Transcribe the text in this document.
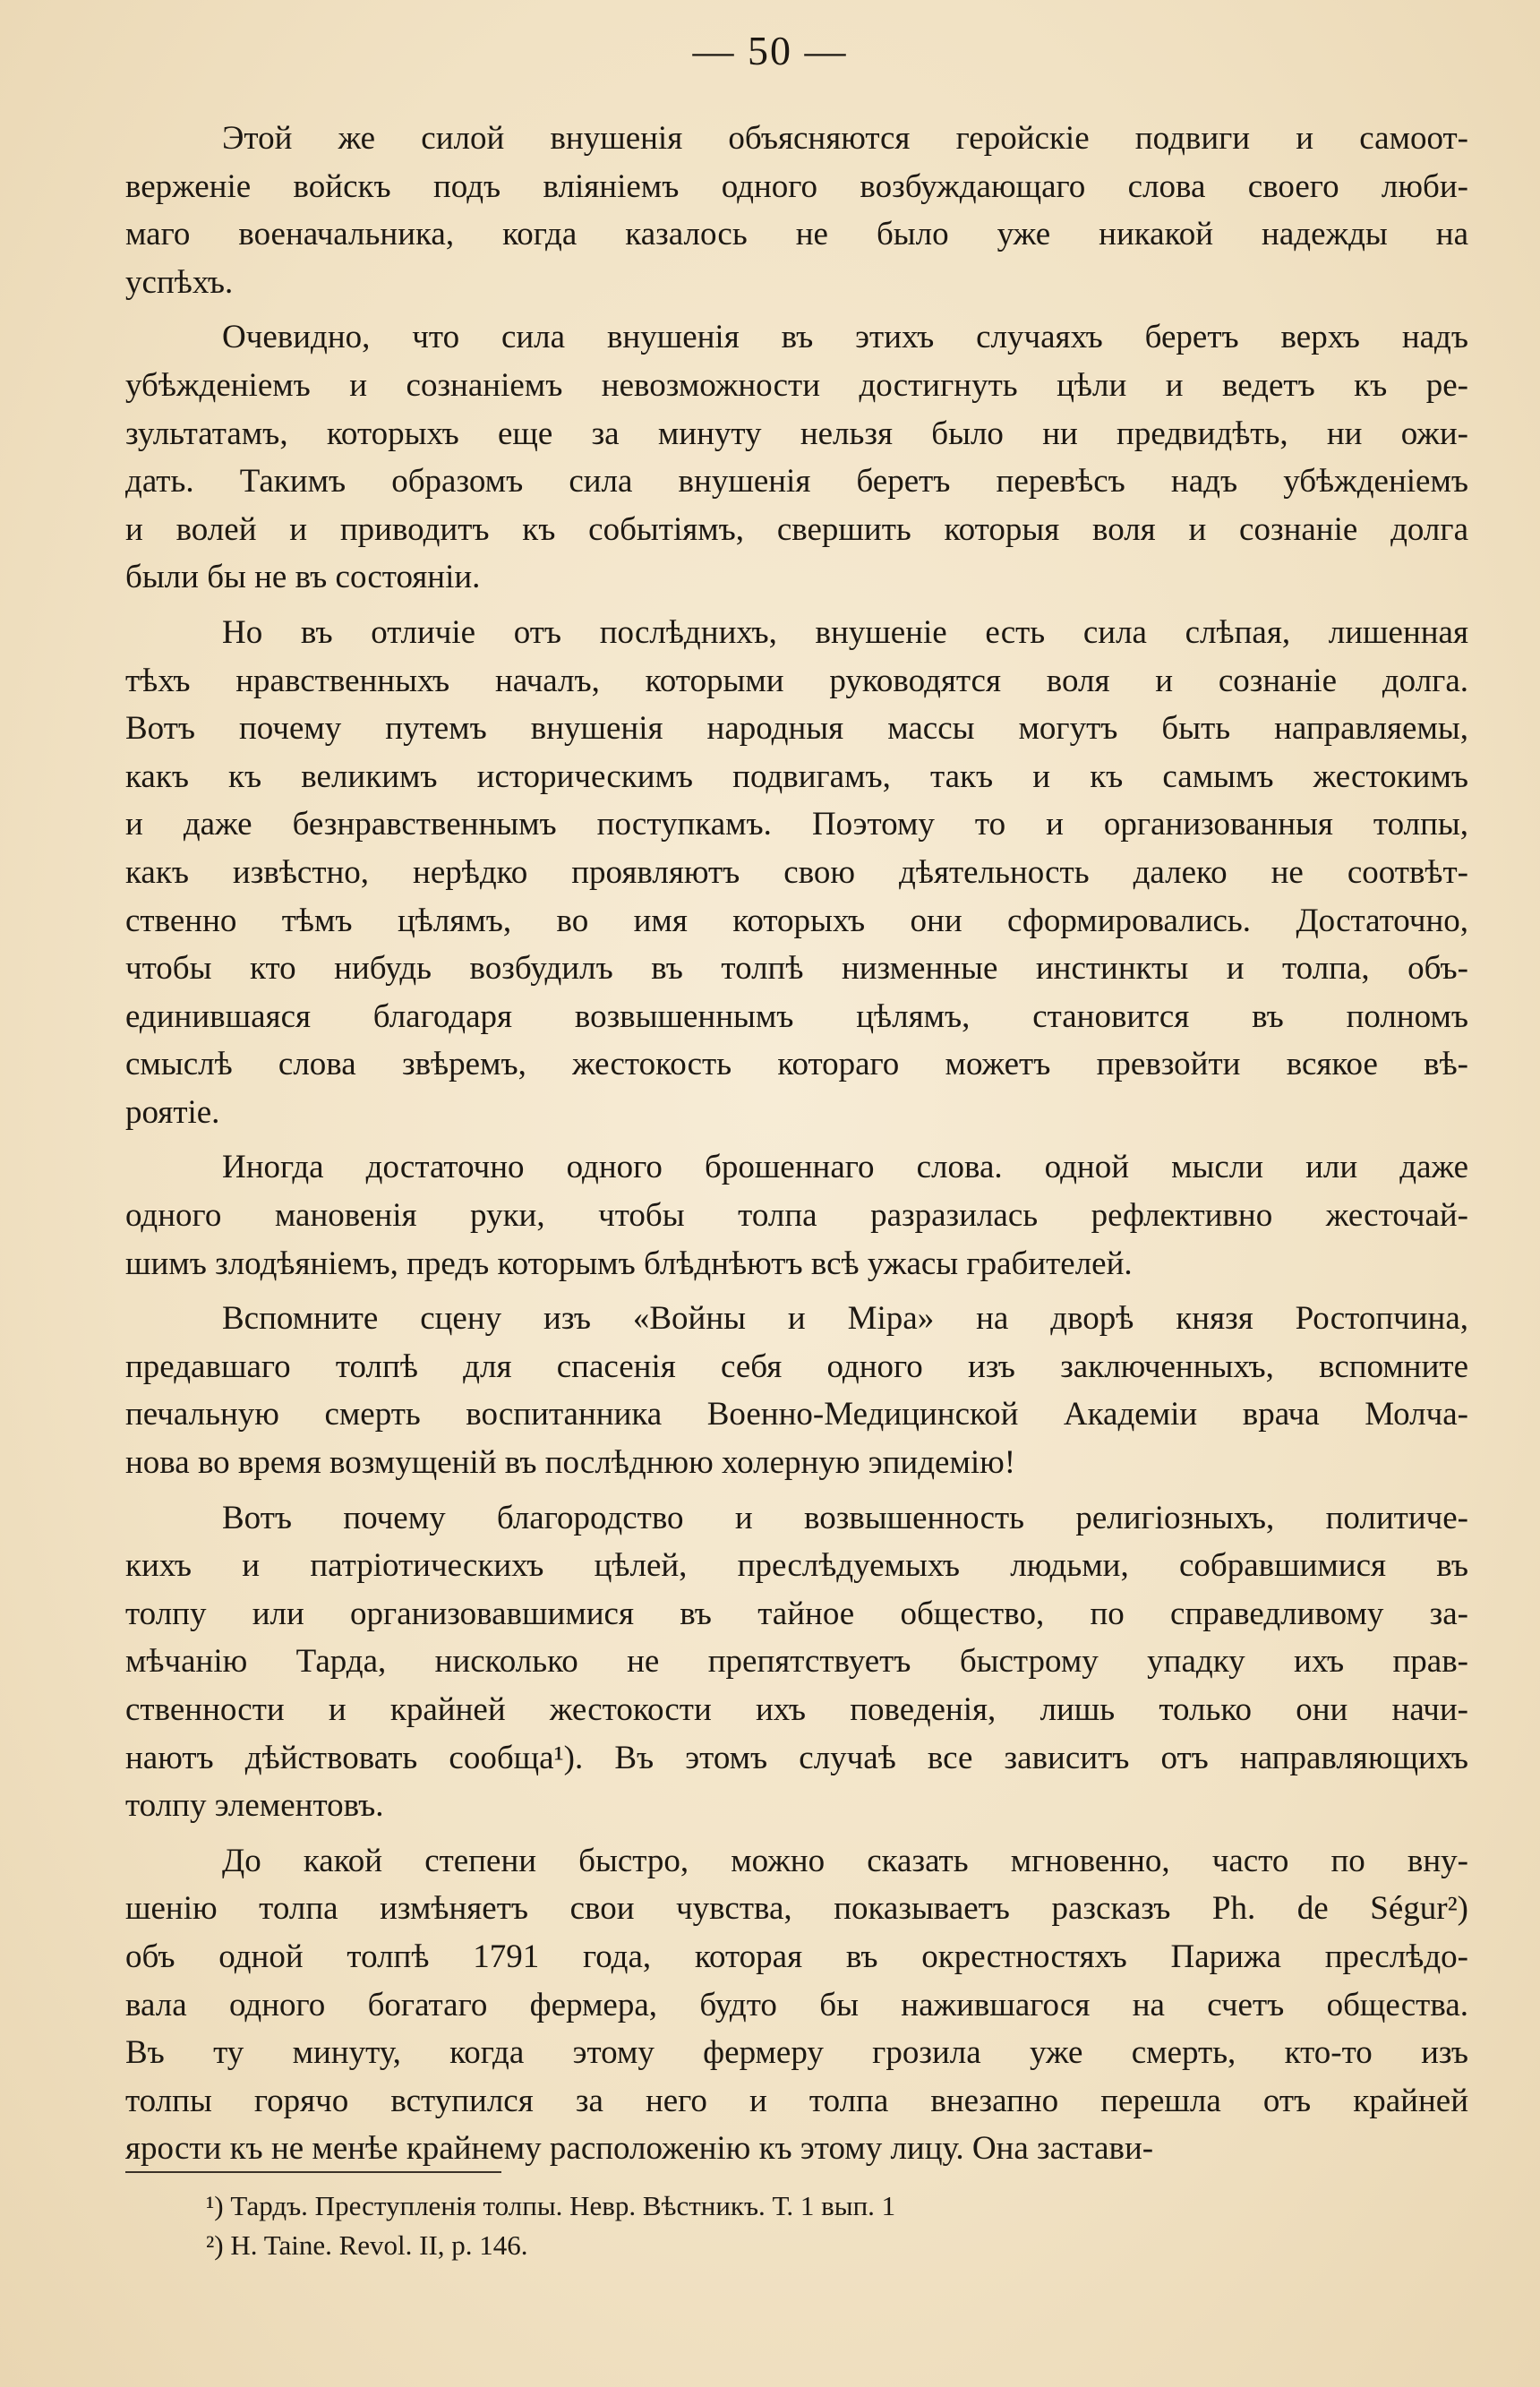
— 50 —
Этой же силой внушенія объясняются геройскіе подвиги и самоот-
верженіе войскъ подъ вліяніемъ одного возбуждающаго слова своего люби-
маго военачальника, когда казалось не было уже никакой надежды на
успѣхъ.
Очевидно, что сила внушенія въ этихъ случаяхъ беретъ верхъ надъ
убѣжденіемъ и сознаніемъ невозможности достигнуть цѣли и ведетъ къ ре-
зультатамъ, которыхъ еще за минуту нельзя было ни предвидѣть, ни ожи-
дать. Такимъ образомъ сила внушенія беретъ перевѣсъ надъ убѣжденіемъ
и волей и приводитъ къ событіямъ, свершить которыя воля и сознаніе долга
были бы не въ состояніи.
Но въ отличіе отъ послѣднихъ, внушеніе есть сила слѣпая, лишенная
тѣхъ нравственныхъ началъ, которыми руководятся воля и сознаніе долга.
Вотъ почему путемъ внушенія народныя массы могутъ быть направляемы,
какъ къ великимъ историческимъ подвигамъ, такъ и къ самымъ жестокимъ
и даже безнравственнымъ поступкамъ. Поэтому то и организованныя толпы,
какъ извѣстно, нерѣдко проявляютъ свою дѣятельность далеко не соотвѣт-
ственно тѣмъ цѣлямъ, во имя которыхъ они сформировались. Достаточно,
чтобы кто нибудь возбудилъ въ толпѣ низменные инстинкты и толпа, объ-
единившаяся благодаря возвышеннымъ цѣлямъ, становится въ полномъ
смыслѣ слова звѣремъ, жестокость котораго можетъ превзойти всякое вѣ-
роятіе.
Иногда достаточно одного брошеннаго слова. одной мысли или даже
одного мановенія руки, чтобы толпа разразилась рефлективно жесточай-
шимъ злодѣяніемъ, предъ которымъ блѣднѣютъ всѣ ужасы грабителей.
Вспомните сцену изъ «Войны и Міра» на дворѣ князя Ростопчина,
предавшаго толпѣ для спасенія себя одного изъ заключенныхъ, вспомните
печальную смерть воспитанника Военно-Медицинской Академіи врача Молча-
нова во время возмущеній въ послѣднюю холерную эпидемію!
Вотъ почему благородство и возвышенность религіозныхъ, политиче-
кихъ и патріотическихъ цѣлей, преслѣдуемыхъ людьми, собравшимися въ
толпу или организовавшимися въ тайное общество, по справедливому за-
мѣчанію Тарда, нисколько не препятствуетъ быстрому упадку ихъ прав-
ственности и крайней жестокости ихъ поведенія, лишь только они начи-
наютъ дѣйствовать сообща¹). Въ этомъ случаѣ все зависитъ отъ направляющихъ
толпу элементовъ.
До какой степени быстро, можно сказать мгновенно, часто по вну-
шенію толпа измѣняетъ свои чувства, показываетъ разсказъ Ph. de Ségur²)
объ одной толпѣ 1791 года, которая въ окрестностяхъ Парижа преслѣдо-
вала одного богатаго фермера, будто бы нажившагося на счетъ общества.
Въ ту минуту, когда этому фермеру грозила уже смерть, кто-то изъ
толпы горячо вступился за него и толпа внезапно перешла отъ крайней
ярости къ не менѣе крайнему расположенію къ этому лицу. Она застави-
¹) Тардъ. Преступленія толпы. Невр. Вѣстникъ. Т. 1 вып. 1
²) H. Taine. Revol. II, p. 146.
